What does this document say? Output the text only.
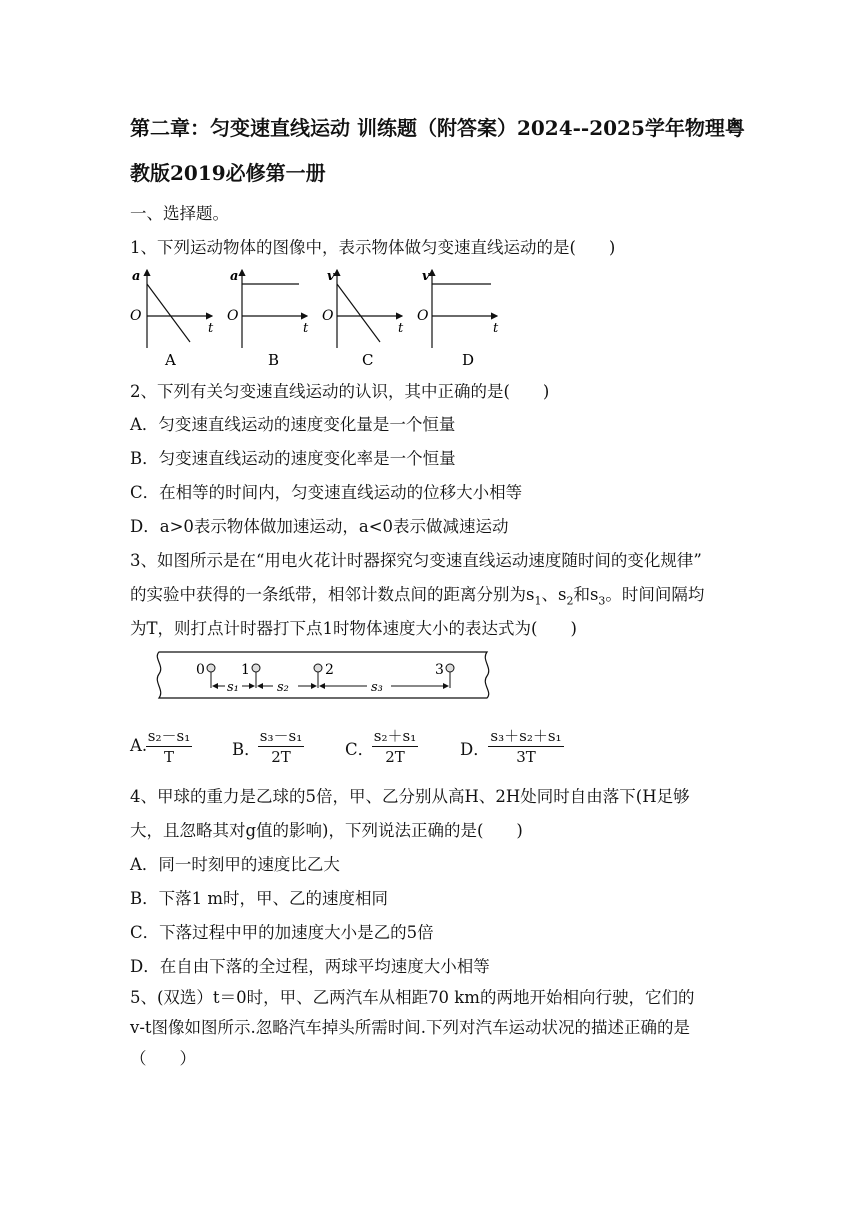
第二章：匀变速直线运动 训练题（附答案）2024--2025学年物理粤
教版2019必修第一册
一、选择题。
1、下列运动物体的图像中，表示物体做匀变速直线运动的是(　　)
a
O
t
A
a
O
t
B
v
O
t
C
v
O
t
D
2、下列有关匀变速直线运动的认识，其中正确的是(　　)
A．匀变速直线运动的速度变化量是一个恒量
B．匀变速直线运动的速度变化率是一个恒量
C．在相等的时间内，匀变速直线运动的位移大小相等
D．a>0表示物体做加速运动，a<0表示做减速运动
3、如图所示是在“用电火花计时器探究匀变速直线运动速度随时间的变化规律”
的实验中获得的一条纸带，相邻计数点间的距离分别为$s_1$、$s_2$和$s_3$。时间间隔均
为T，则打点计时器打下点1时物体速度大小的表达式为(　　)
0	1	2	3
s₁	s₂	s₃
A. s₂－s₁
T	B．
s₃－s₁
2T	C．
s₂＋s₁
2T	D．
s₃＋s₂＋s₁
3T
4、甲球的重力是乙球的5倍，甲、乙分别从高H、2H处同时自由落下(H足够
大，且忽略其对g值的影响)，下列说法正确的是(　　)
A．同一时刻甲的速度比乙大
B．下落1 m时，甲、乙的速度相同
C．下落过程中甲的加速度大小是乙的5倍
D．在自由下落的全过程，两球平均速度大小相等
5、(双选）t＝0时，甲、乙两汽车从相距70 km的两地开始相向行驶，它们的
v-t图像如图所示.忽略汽车掉头所需时间.下列对汽车运动状况的描述正确的是
（　　）
